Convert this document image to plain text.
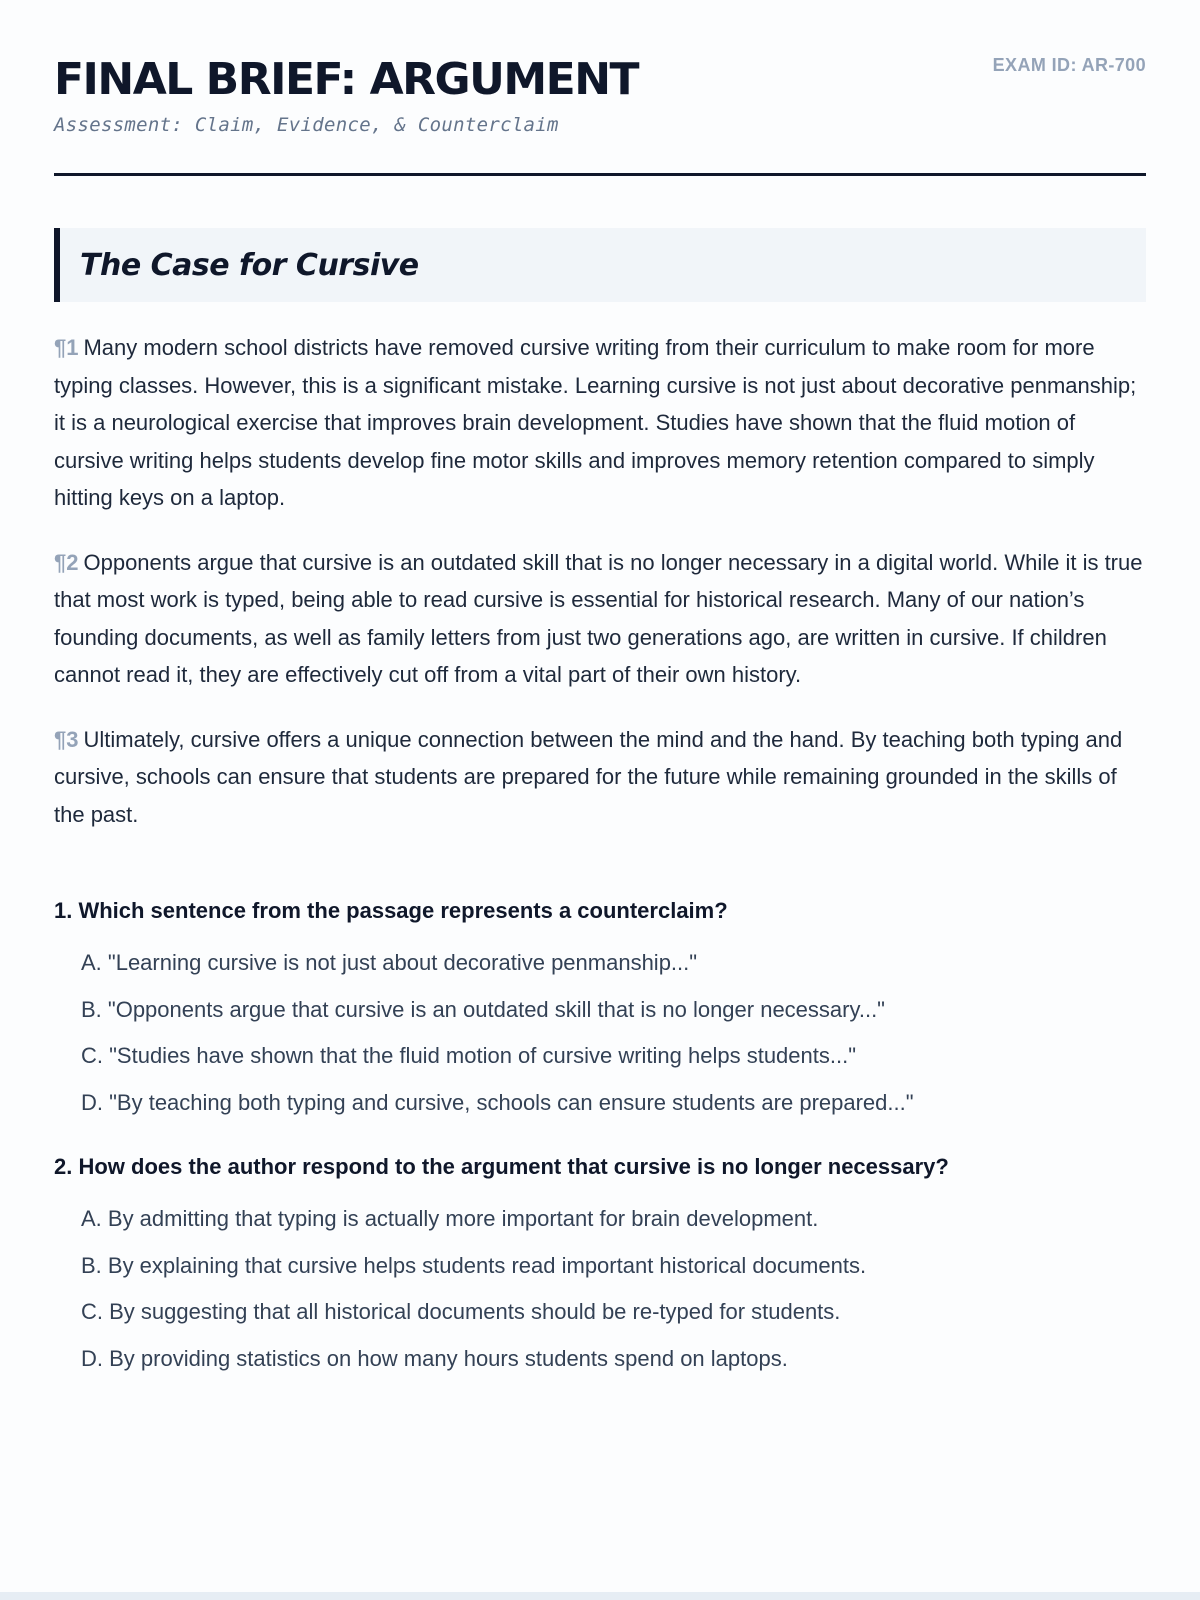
FINAL BRIEF: ARGUMENT
Assessment: Claim, Evidence, & Counterclaim
EXAM ID: AR-700
The Case for Cursive

¶1 Many modern school districts have removed cursive writing from their curriculum to make room for more typing classes. However, this is a significant mistake. Learning cursive is not just about decorative penmanship; it is a neurological exercise that improves brain development. Studies have shown that the fluid motion of cursive writing helps students develop fine motor skills and improves memory retention compared to simply hitting keys on a laptop.

¶2 Opponents argue that cursive is an outdated skill that is no longer necessary in a digital world. While it is true that most work is typed, being able to read cursive is essential for historical research. Many of our nation’s founding documents, as well as family letters from just two generations ago, are written in cursive. If children cannot read it, they are effectively cut off from a vital part of their own history.

¶3 Ultimately, cursive offers a unique connection between the mind and the hand. By teaching both typing and cursive, schools can ensure that students are prepared for the future while remaining grounded in the skills of the past.

1. Which sentence from the passage represents a counterclaim?

A. "Learning cursive is not just about decorative penmanship..."
B. "Opponents argue that cursive is an outdated skill that is no longer necessary..."
C. "Studies have shown that the fluid motion of cursive writing helps students..."
D. "By teaching both typing and cursive, schools can ensure students are prepared..."

2. How does the author respond to the argument that cursive is no longer necessary?

A. By admitting that typing is actually more important for brain development.
B. By explaining that cursive helps students read important historical documents.
C. By suggesting that all historical documents should be re-typed for students.
D. By providing statistics on how many hours students spend on laptops.
